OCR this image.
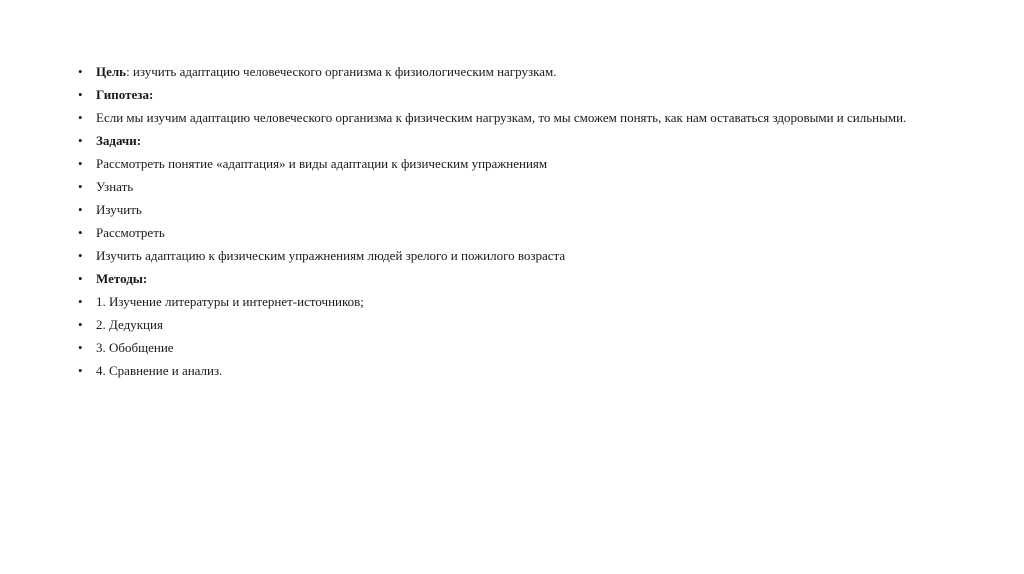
• Цель: изучить адаптацию человеческого организма к физиологическим нагрузкам.
• Гипотеза:
• Если мы изучим адаптацию человеческого организма к физическим нагрузкам, то мы сможем понять, как нам оставаться здоровыми и сильными.
• Задачи:
• Рассмотреть понятие «адаптация» и виды адаптации к физическим упражнениям
• Узнать
• Изучить
• Рассмотреть
• Изучить адаптацию к физическим упражнениям людей зрелого и пожилого возраста
• Методы:
• 1. Изучение литературы и интернет-источников;
• 2. Дедукция
• 3. Обобщение
• 4. Сравнение и анализ.
